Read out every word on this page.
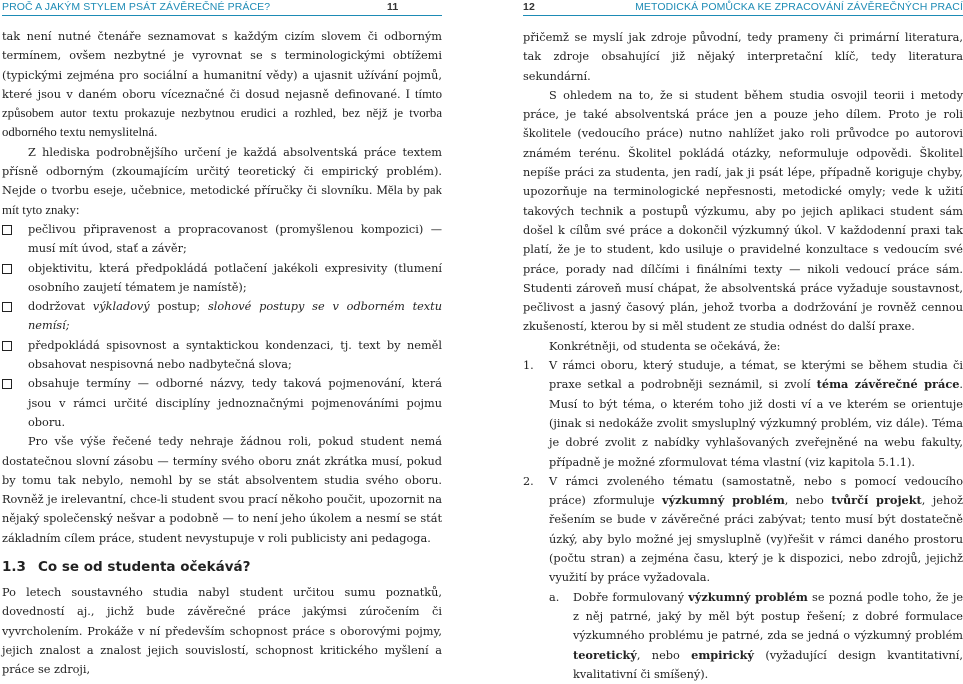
PROČ A JAKÝM STYLEM PSÁT ZÁVĚREČNÉ PRÁCE?	11

tak není nutné čtenáře seznamovat s každým cizím slovem či odborným termínem, ovšem nezbytné je vyrovnat se s terminologickými obtížemi (typickými zejména pro sociální a humanitní vědy) a ujasnit užívání pojmů, které jsou v daném oboru víceznačné či dosud nejasně definované. I tímto způsobem autor textu prokazuje nezbytnou erudici a rozhled, bez nějž je tvorba odborného textu nemyslitelná.

Z hlediska podrobnějšího určení je každá absolventská práce textem přísně odborným (zkoumajícím určitý teoretický či empirický problém). Nejde o tvorbu eseje, učebnice, metodické příručky či slovníku. Měla by pak mít tyto znaky:

pečlivou připravenost a propracovanost (promyšlenou kompozici) — musí mít úvod, stať a závěr;
objektivitu, která předpokládá potlačení jakékoli expresivity (tlumení osobního zaujetí tématem je namístě);
dodržovat výkladový postup; slohové postupy se v odborném textu nemísí;
předpokládá spisovnost a syntaktickou kondenzaci, tj. text by neměl obsahovat nespisovná nebo nadbytečná slova;
obsahuje termíny — odborné názvy, tedy taková pojmenování, která jsou v rámci určité disciplíny jednoznačnými pojmenováními pojmu oboru.

Pro vše výše řečené tedy nehraje žádnou roli, pokud student nemá dostatečnou slovní zásobu — termíny svého oboru znát zkrátka musí, pokud by tomu tak nebylo, nemohl by se stát absolventem studia svého oboru. Rovněž je irelevantní, chce-li student svou prací někoho poučit, upozornit na nějaký společenský nešvar a podobně — to není jeho úkolem a nesmí se stát základním cílem práce, student nevystupuje v roli publicisty ani pedagoga.

1.3 Co se od studenta očekává?

Po letech soustavného studia nabyl student určitou sumu poznatků, dovedností aj., jichž bude závěrečné práce jakýmsi zúročením či vyvrcholením. Prokáže v ní především schopnost práce s oborovými pojmy, jejich znalost a znalost jejich souvislostí, schopnost kritického myšlení a práce se zdroji,

12	METODICKÁ POMŮCKA KE ZPRACOVÁNÍ ZÁVĚREČNÝCH PRACÍ

přičemž se myslí jak zdroje původní, tedy prameny či primární literatura, tak zdroje obsahující již nějaký interpretační klíč, tedy literatura sekundární.

S ohledem na to, že si student během studia osvojil teorii i metody práce, je také absolventská práce jen a pouze jeho dílem. Proto je roli školitele (vedoucího práce) nutno nahlížet jako roli průvodce po autorovi známém terénu. Školitel pokládá otázky, neformuluje odpovědi. Školitel nepíše práci za studenta, jen radí, jak ji psát lépe, případně koriguje chyby, upozorňuje na terminologické nepřesnosti, metodické omyly; vede k užití takových technik a postupů výzkumu, aby po jejich aplikaci student sám došel k cílům své práce a dokončil výzkumný úkol. V každodenní praxi tak platí, že je to student, kdo usiluje o pravidelné konzultace s vedoucím své práce, porady nad dílčími i finálními texty — nikoli vedoucí práce sám. Studenti zároveň musí chápat, že absolventská práce vyžaduje soustavnost, pečlivost a jasný časový plán, jehož tvorba a dodržování je rovněž cennou zkušeností, kterou by si měl student ze studia odnést do další praxe.

Konkrétněji, od studenta se očekává, že:

1. V rámci oboru, který studuje, a témat, se kterými se během studia či praxe setkal a podrobněji seznámil, si zvolí téma závěrečné práce. Musí to být téma, o kterém toho již dosti ví a ve kterém se orientuje (jinak si nedokáže zvolit smysluplný výzkumný problém, viz dále). Téma je dobré zvolit z nabídky vyhlašovaných zveřejněné na webu fakulty, případně je možné zformulovat téma vlastní (viz kapitola 5.1.1).
2. V rámci zvoleného tématu (samostatně, nebo s pomocí vedoucího práce) zformuluje výzkumný problém, nebo tvůrčí projekt, jehož řešením se bude v závěrečné práci zabývat; tento musí být dostatečně úzký, aby bylo možné jej smysluplně (vy)řešit v rámci daného prostoru (počtu stran) a zejména času, který je k dispozici, nebo zdrojů, jejichž využití by práce vyžadovala.
a. Dobře formulovaný výzkumný problém se pozná podle toho, že je z něj patrné, jaký by měl být postup řešení; z dobré formulace výzkumného problému je patrné, zda se jedná o výzkumný problém teoretický, nebo empirický (vyžadující design kvantitativní, kvalitativní či smíšený).
